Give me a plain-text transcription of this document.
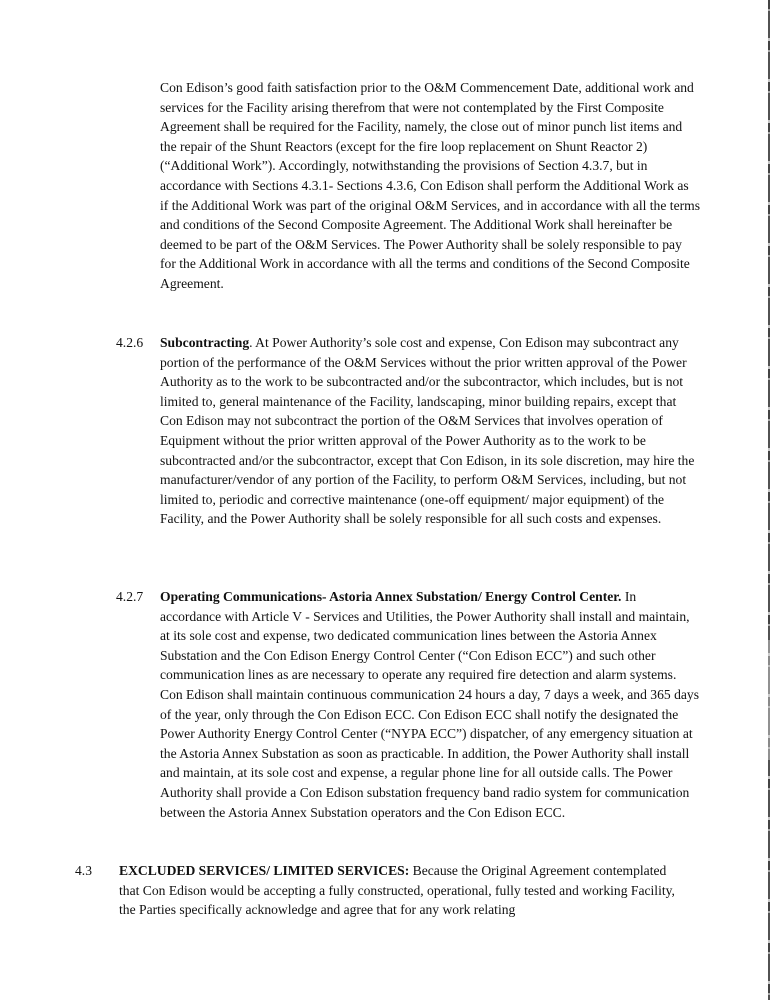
Con Edison’s good faith satisfaction prior to the O&M Commencement Date, additional work and services for the Facility arising therefrom that were not contemplated by the First Composite Agreement shall be required for the Facility, namely, the close out of minor punch list items and the repair of the Shunt Reactors (except for the fire loop replacement on Shunt Reactor 2) (“Additional Work”). Accordingly, notwithstanding the provisions of Section 4.3.7, but in accordance with Sections 4.3.1- Sections 4.3.6, Con Edison shall perform the Additional Work as if the Additional Work was part of the original O&M Services, and in accordance with all the terms and conditions of the Second Composite Agreement. The Additional Work shall hereinafter be deemed to be part of the O&M Services. The Power Authority shall be solely responsible to pay for the Additional Work in accordance with all the terms and conditions of the Second Composite Agreement.

4.2.6 Subcontracting. At Power Authority’s sole cost and expense, Con Edison may subcontract any portion of the performance of the O&M Services without the prior written approval of the Power Authority as to the work to be subcontracted and/or the subcontractor, which includes, but is not limited to, general maintenance of the Facility, landscaping, minor building repairs, except that Con Edison may not subcontract the portion of the O&M Services that involves operation of Equipment without the prior written approval of the Power Authority as to the work to be subcontracted and/or the subcontractor, except that Con Edison, in its sole discretion, may hire the manufacturer/vendor of any portion of the Facility, to perform O&M Services, including, but not limited to, periodic and corrective maintenance (one-off equipment/ major equipment) of the Facility, and the Power Authority shall be solely responsible for all such costs and expenses.

4.2.7 Operating Communications- Astoria Annex Substation/ Energy Control Center. In accordance with Article V - Services and Utilities, the Power Authority shall install and maintain, at its sole cost and expense, two dedicated communication lines between the Astoria Annex Substation and the Con Edison Energy Control Center (“Con Edison ECC”) and such other communication lines as are necessary to operate any required fire detection and alarm systems. Con Edison shall maintain continuous communication 24 hours a day, 7 days a week, and 365 days of the year, only through the Con Edison ECC. Con Edison ECC shall notify the designated the Power Authority Energy Control Center (“NYPA ECC”) dispatcher, of any emergency situation at the Astoria Annex Substation as soon as practicable. In addition, the Power Authority shall install and maintain, at its sole cost and expense, a regular phone line for all outside calls. The Power Authority shall provide a Con Edison substation frequency band radio system for communication between the Astoria Annex Substation operators and the Con Edison ECC.

4.3 EXCLUDED SERVICES/ LIMITED SERVICES: Because the Original Agreement contemplated that Con Edison would be accepting a fully constructed, operational, fully tested and working Facility, the Parties specifically acknowledge and agree that for any work relating
